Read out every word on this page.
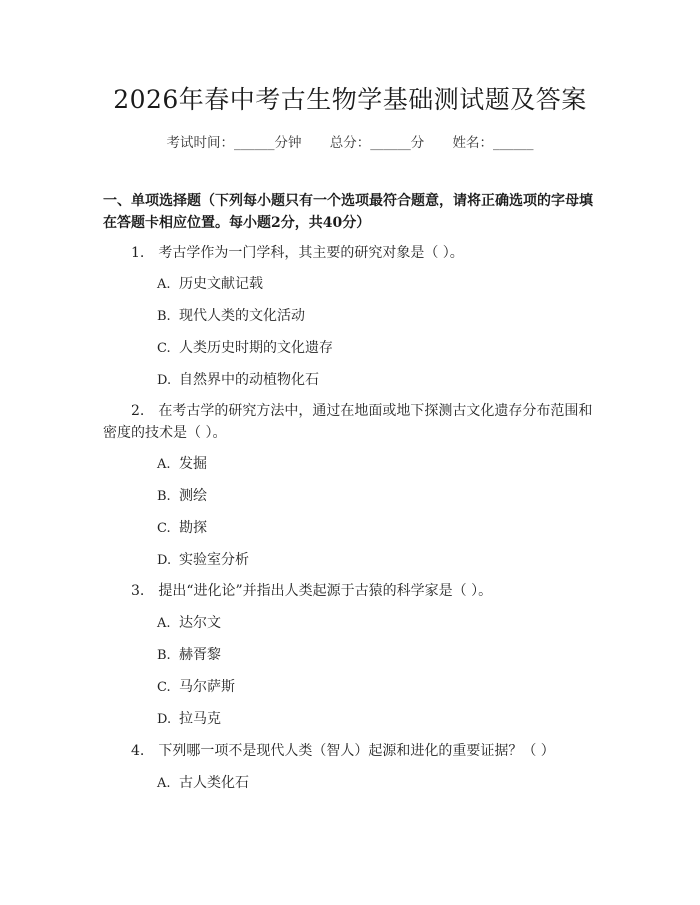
2026年春中考古生物学基础测试题及答案
考试时间：______分钟 总分：______分 姓名：______
一、单项选择题（下列每小题只有一个选项最符合题意，请将正确选项的字母填在答题卡相应位置。每小题2分，共40分）
1. 考古学作为一门学科，其主要的研究对象是（ ）。
A. 历史文献记载
B. 现代人类的文化活动
C. 人类历史时期的文化遗存
D. 自然界中的动植物化石
2. 在考古学的研究方法中，通过在地面或地下探测古文化遗存分布范围和密度的技术是（ ）。
A. 发掘
B. 测绘
C. 勘探
D. 实验室分析
3. 提出“进化论”并指出人类起源于古猿的科学家是（ ）。
A. 达尔文
B. 赫胥黎
C. 马尔萨斯
D. 拉马克
4. 下列哪一项不是现代人类（智人）起源和进化的重要证据？（ ）
A. 古人类化石
